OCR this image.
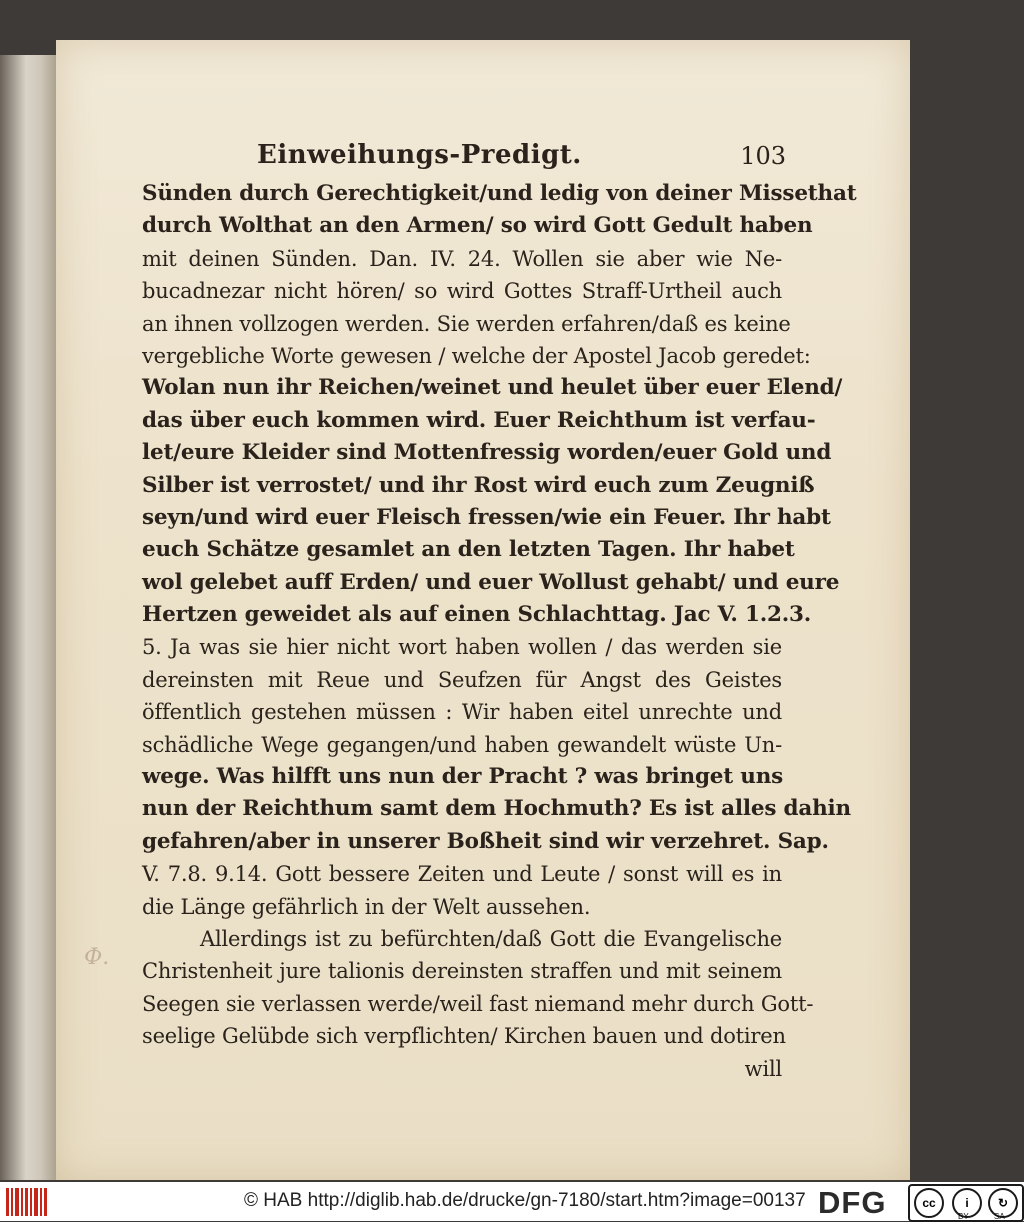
Einweihungs-Predigt.	103
Sünden durch Gerechtigkeit/und ledig von deiner Missethat
durch Wolthat an den Armen/ so wird Gott Gedult haben
mit deinen Sünden. Dan. IV. 24. Wollen sie aber wie Ne-
bucadnezar nicht hören/ so wird Gottes Straff-Urtheil auch
an ihnen vollzogen werden. Sie werden erfahren/daß es keine
vergebliche Worte gewesen / welche der Apostel Jacob geredet:
Wolan nun ihr Reichen/weinet und heulet über euer Elend/
das über euch kommen wird. Euer Reichthum ist verfau-
let/eure Kleider sind Mottenfressig worden/euer Gold und
Silber ist verrostet/ und ihr Rost wird euch zum Zeugniß
seyn/und wird euer Fleisch fressen/wie ein Feuer. Ihr habt
euch Schätze gesamlet an den letzten Tagen. Ihr habet
wol gelebet auff Erden/ und euer Wollust gehabt/ und eure
Hertzen geweidet als auf einen Schlachttag. Jac V. 1.2.3.
5. Ja was sie hier nicht wort haben wollen / das werden sie
dereinsten mit Reue und Seufzen für Angst des Geistes
öffentlich gestehen müssen : Wir haben eitel unrechte und
schädliche Wege gegangen/und haben gewandelt wüste Un-
wege. Was hilfft uns nun der Pracht ? was bringet uns
nun der Reichthum samt dem Hochmuth? Es ist alles dahin
gefahren/aber in unserer Boßheit sind wir verzehret. Sap.
V. 7.8. 9.14. Gott bessere Zeiten und Leute / sonst will es in
die Länge gefährlich in der Welt aussehen.
Allerdings ist zu befürchten/daß Gott die Evangelische
Christenheit jure talionis dereinsten straffen und mit seinem
Seegen sie verlassen werde/weil fast niemand mehr durch Gott-
seelige Gelübde sich verpflichten/ Kirchen bauen und dotiren
will
Ф.
© HAB http://diglib.hab.de/drucke/gn-7180/start.htm?image=00137 DFG	cc	i	↻
BY	SA
